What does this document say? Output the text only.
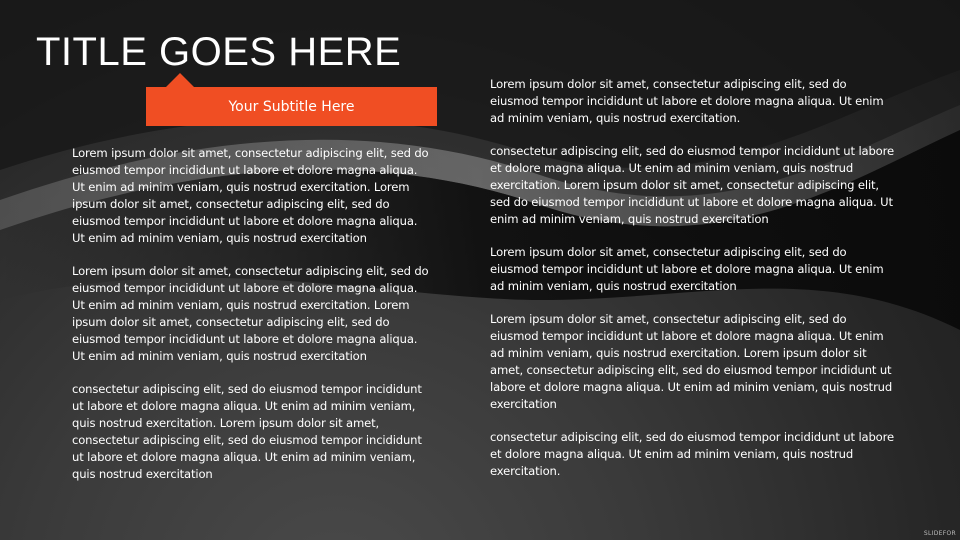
TITLE GOES HERE
Your Subtitle Here

Lorem ipsum dolor sit amet, consectetur adipiscing elit, sed do eiusmod tempor incididunt ut labore et dolore magna aliqua. Ut enim ad minim veniam, quis nostrud exercitation. Lorem ipsum dolor sit amet, consectetur adipiscing elit, sed do eiusmod tempor incididunt ut labore et dolore magna aliqua. Ut enim ad minim veniam, quis nostrud exercitation

Lorem ipsum dolor sit amet, consectetur adipiscing elit, sed do eiusmod tempor incididunt ut labore et dolore magna aliqua. Ut enim ad minim veniam, quis nostrud exercitation. Lorem ipsum dolor sit amet, consectetur adipiscing elit, sed do eiusmod tempor incididunt ut labore et dolore magna aliqua. Ut enim ad minim veniam, quis nostrud exercitation

consectetur adipiscing elit, sed do eiusmod tempor incididunt ut labore et dolore magna aliqua. Ut enim ad minim veniam, quis nostrud exercitation. Lorem ipsum dolor sit amet, consectetur adipiscing elit, sed do eiusmod tempor incididunt ut labore et dolore magna aliqua. Ut enim ad minim veniam, quis nostrud exercitation

Lorem ipsum dolor sit amet, consectetur adipiscing elit, sed do eiusmod tempor incididunt ut labore et dolore magna aliqua. Ut enim ad minim veniam, quis nostrud exercitation.

consectetur adipiscing elit, sed do eiusmod tempor incididunt ut labore et dolore magna aliqua. Ut enim ad minim veniam, quis nostrud exercitation. Lorem ipsum dolor sit amet, consectetur adipiscing elit, sed do eiusmod tempor incididunt ut labore et dolore magna aliqua. Ut enim ad minim veniam, quis nostrud exercitation

Lorem ipsum dolor sit amet, consectetur adipiscing elit, sed do eiusmod tempor incididunt ut labore et dolore magna aliqua. Ut enim ad minim veniam, quis nostrud exercitation

Lorem ipsum dolor sit amet, consectetur adipiscing elit, sed do eiusmod tempor incididunt ut labore et dolore magna aliqua. Ut enim ad minim veniam, quis nostrud exercitation. Lorem ipsum dolor sit amet, consectetur adipiscing elit, sed do eiusmod tempor incididunt ut labore et dolore magna aliqua. Ut enim ad minim veniam, quis nostrud exercitation

consectetur adipiscing elit, sed do eiusmod tempor incididunt ut labore et dolore magna aliqua. Ut enim ad minim veniam, quis nostrud exercitation.

SLIDEFOR
